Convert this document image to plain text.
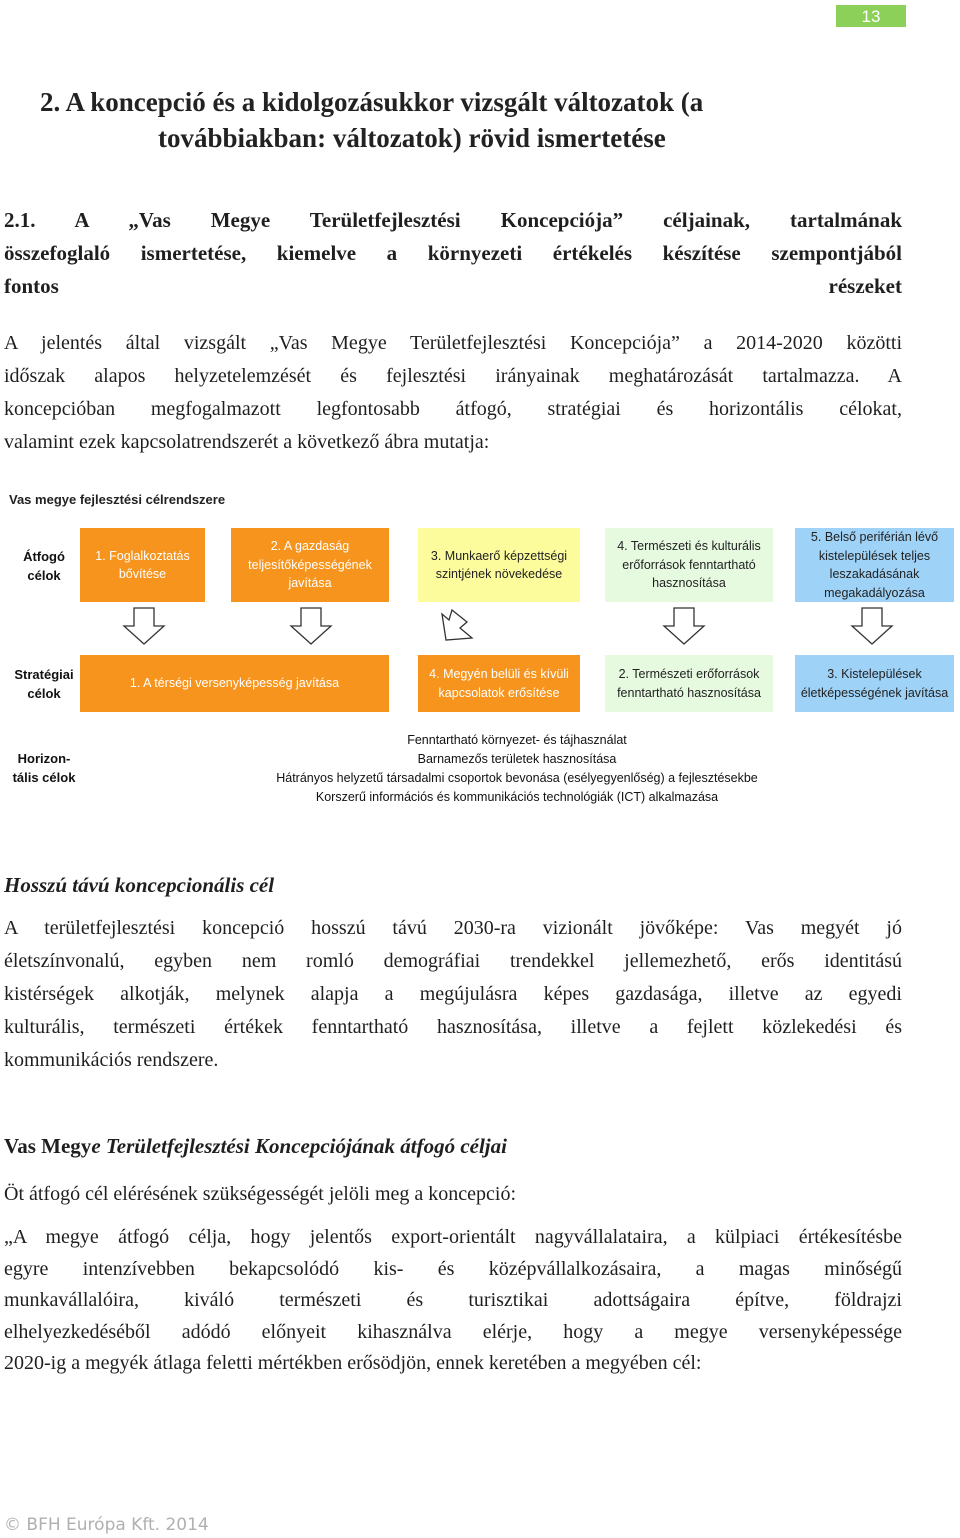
13
2. A koncepció és a kidolgozásukkor vizsgált változatok (a
továbbiakban: változatok) rövid ismertetése
2.1. A „Vas Megye Területfejlesztési Koncepciója” céljainak, tartalmának
összefoglaló ismertetése, kiemelve a környezeti értékelés készítése szempontjából
fontos részeket
A jelentés által vizsgált „Vas Megye Területfejlesztési Koncepciója” a 2014-2020 közötti
időszak alapos helyzetelemzését és fejlesztési irányainak meghatározását tartalmazza. A
koncepcióban megfogalmazott legfontosabb átfogó, stratégiai és horizontális célokat,
valamint ezek kapcsolatrendszerét a következő ábra mutatja:
Vas megye fejlesztési célrendszere
Átfogó
célok
Stratégiai
célok
Horizon-
tális célok
1. Foglalkoztatás
bővítése
2. A gazdaság
teljesítőképességének
javítása
3. Munkaerő képzettségi
szintjének növekedése
4. Természeti és kulturális
erőforrások fenntartható
hasznosítása
5. Belső periférián lévő
kistelepülések teljes
leszakadásának
megakadályozása
1. A térségi versenyképesség javítása
4. Megyén belüli és kívüli
kapcsolatok erősítése
2. Természeti erőforrások
fenntartható hasznosítása
3. Kistelepülések
életképességének javítása
Fenntartható környezet- és tájhasználat
Barnamezős területek hasznosítása
Hátrányos helyzetű társadalmi csoportok bevonása (esélyegyenlőség) a fejlesztésekbe
Korszerű információs és kommunikációs technológiák (ICT) alkalmazása
Hosszú távú koncepcionális cél
A területfejlesztési koncepció hosszú távú 2030-ra vizionált jövőképe: Vas megyét jó
életszínvonalú, egyben nem romló demográfiai trendekkel jellemezhető, erős identitású
kistérségek alkotják, melynek alapja a megújulásra képes gazdasága, illetve az egyedi
kulturális, természeti értékek fenntartható hasznosítása, illetve a fejlett közlekedési és
kommunikációs rendszere.
Vas Megye Területfejlesztési Koncepciójának átfogó céljai
Öt átfogó cél elérésének szükségességét jelöli meg a koncepció:
„A megye átfogó célja, hogy jelentős export-orientált nagyvállalataira, a külpiaci értékesítésbe
egyre intenzívebben bekapcsolódó kis- és középvállalkozásaira, a magas minőségű
munkavállalóira, kiváló természeti és turisztikai adottságaira építve, földrajzi
elhelyezkedéséből adódó előnyeit kihasználva elérje, hogy a megye versenyképessége
2020-ig a megyék átlaga feletti mértékben erősödjön, ennek keretében a megyében cél:
© BFH Európa Kft. 2014
